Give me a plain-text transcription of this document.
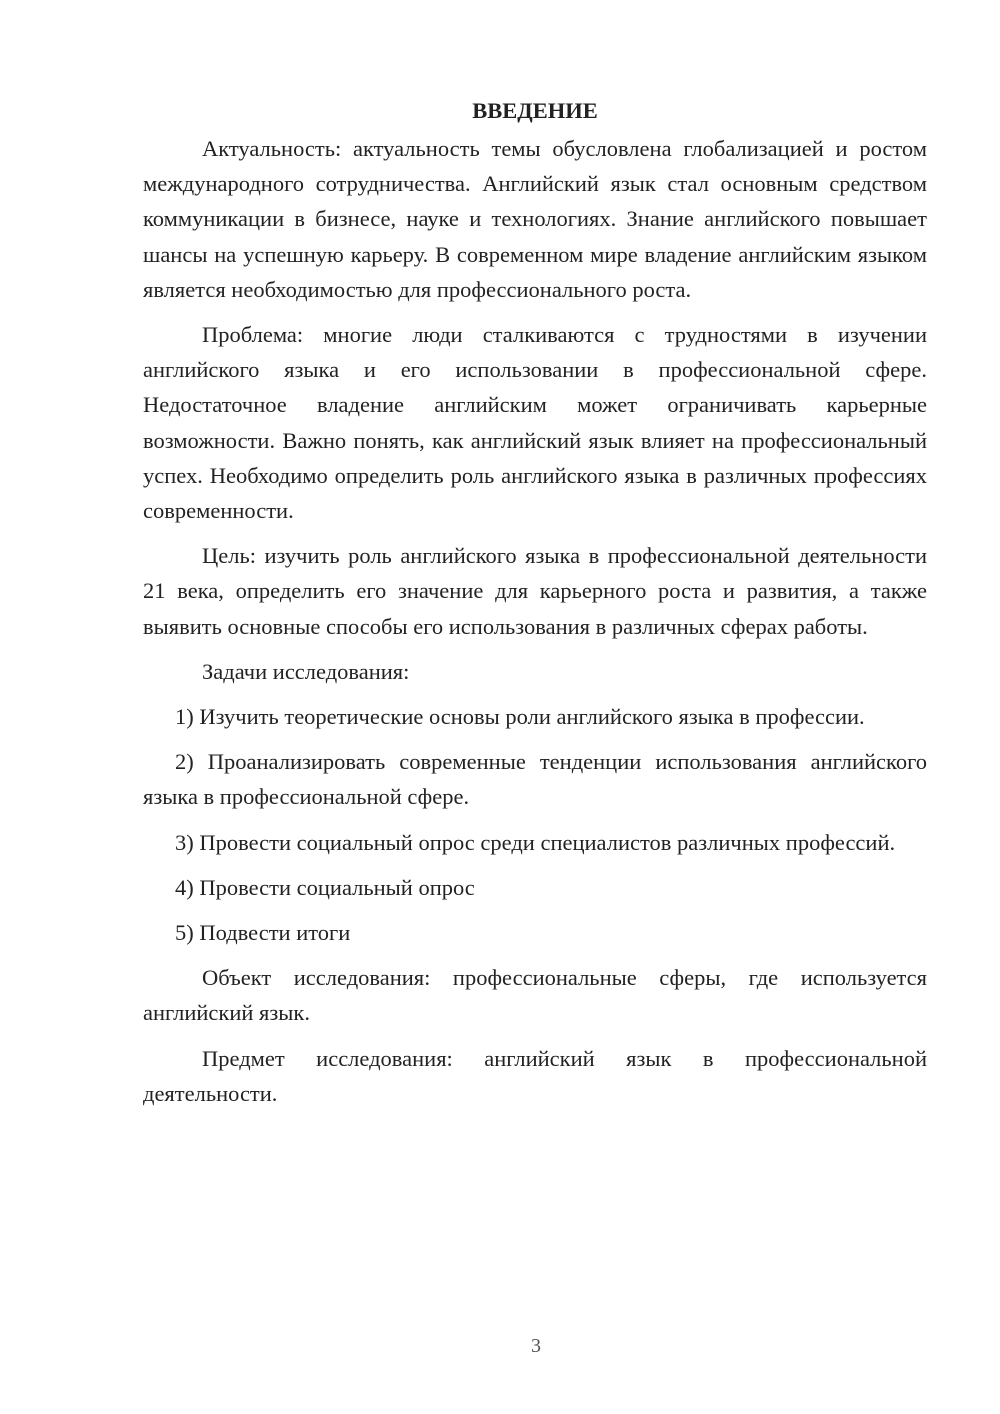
ВВЕДЕНИЕ

Актуальность: актуальность темы обусловлена глобализацией и ростом международного сотрудничества. Английский язык стал основным средством коммуникации в бизнесе, науке и технологиях. Знание английского повышает шансы на успешную карьеру. В современном мире владение английским языком является необходимостью для профессионального роста.

Проблема: многие люди сталкиваются с трудностями в изучении английского языка и его использовании в профессиональной сфере. Недостаточное владение английским может ограничивать карьерные возможности. Важно понять, как английский язык влияет на профессиональный успех. Необходимо определить роль английского языка в различных профессиях современности.

Цель: изучить роль английского языка в профессиональной деятельности 21 века, определить его значение для карьерного роста и развития, а также выявить основные способы его использования в различных сферах работы.

Задачи исследования:

1) Изучить теоретические основы роли английского языка в профессии.

2) Проанализировать современные тенденции использования английского языка в профессиональной сфере.

3) Провести социальный опрос среди специалистов различных профессий.

4) Провести социальный опрос

5) Подвести итоги

Объект исследования: профессиональные сферы, где используется английский язык.

Предмет исследования: английский язык в профессиональной деятельности.

3
